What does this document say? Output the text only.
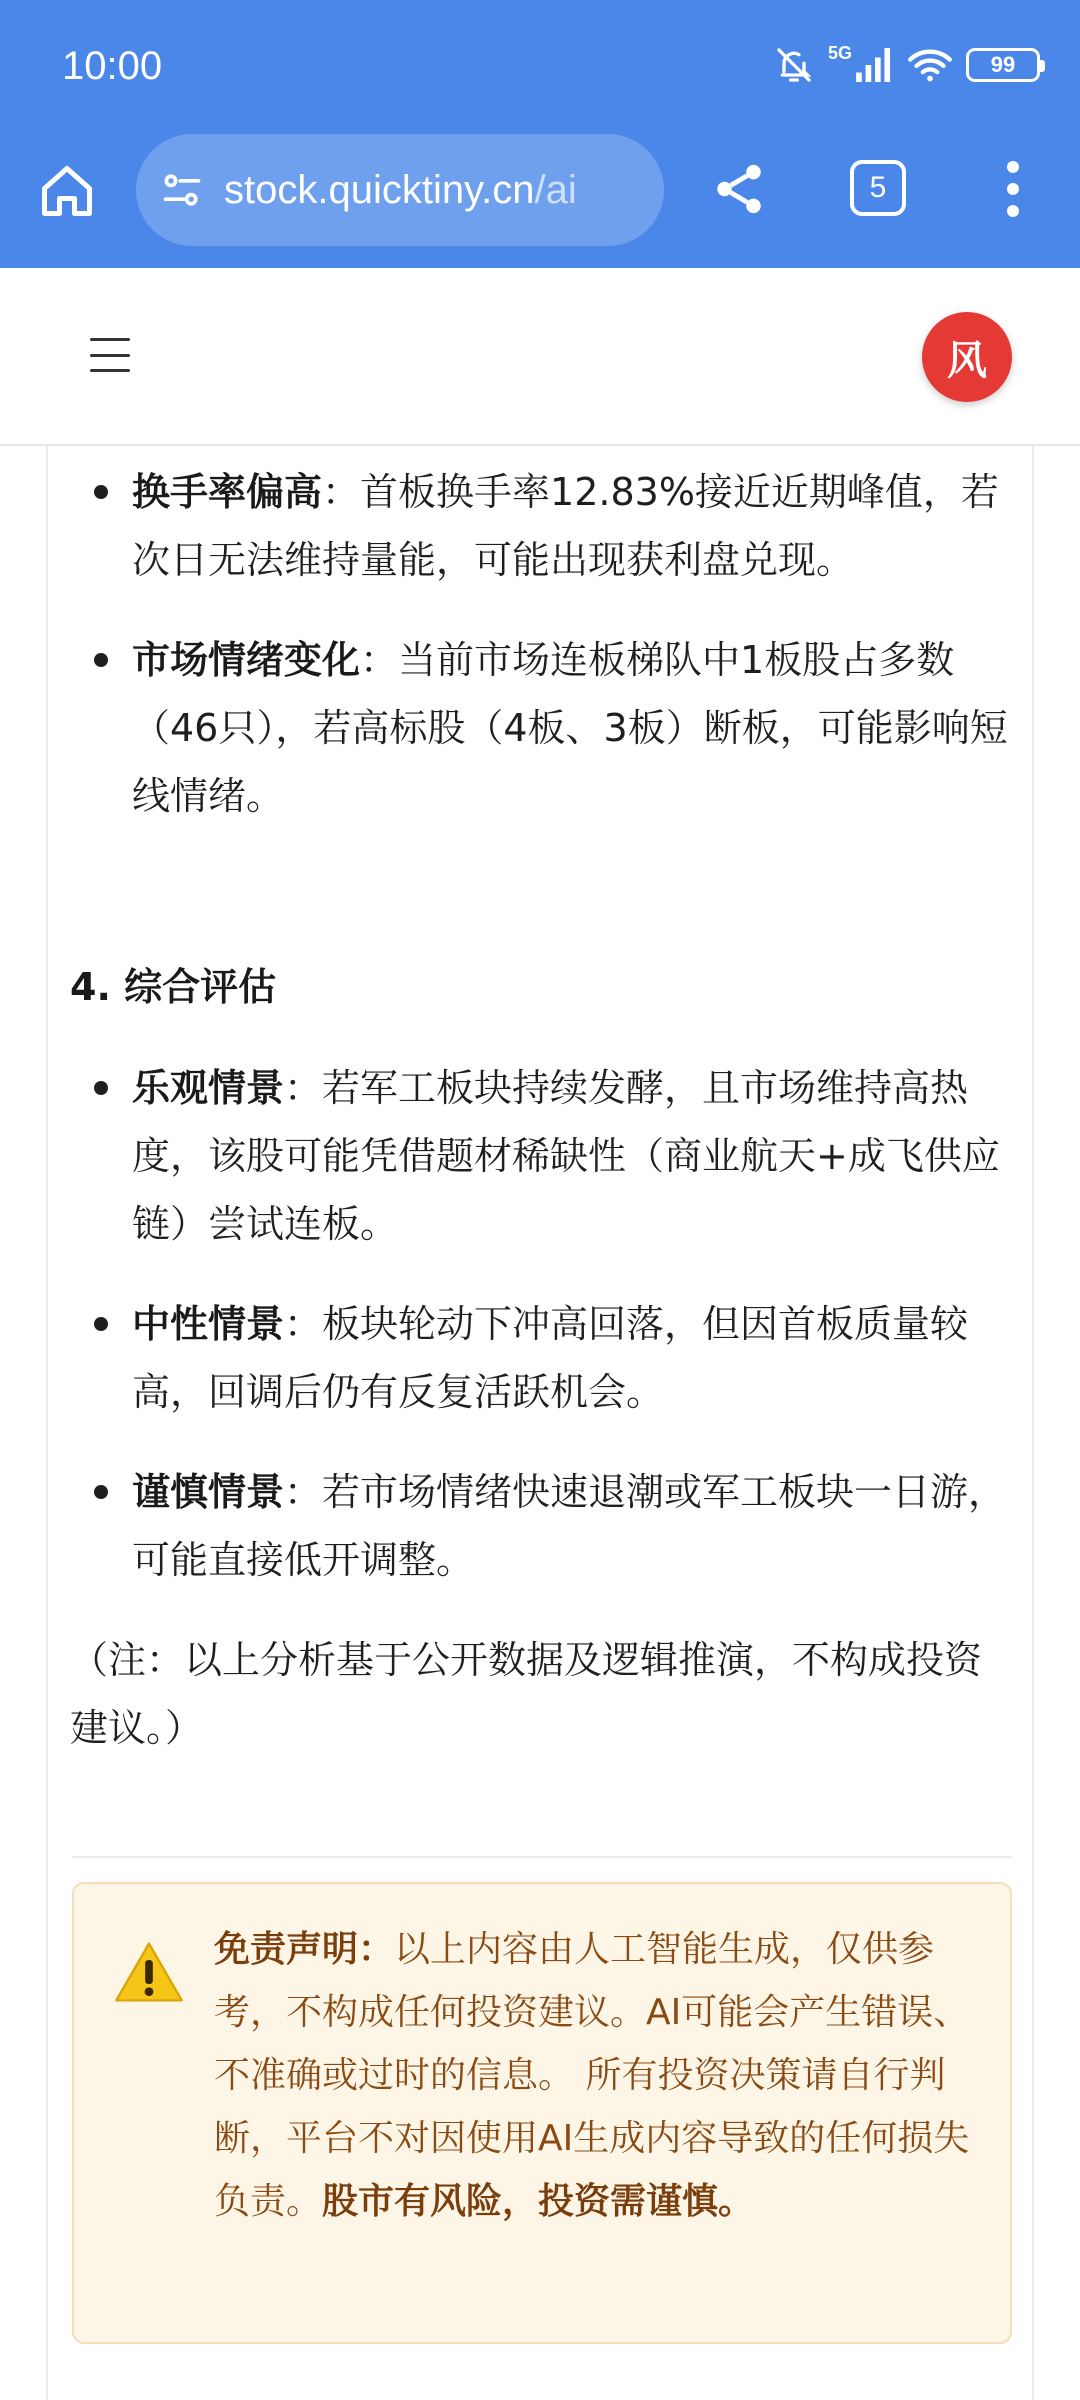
10:00	5G	99
stock.quicktiny.cn/ai	5
风
换手率偏高：首板换手率12.83%接近近期峰值，若次日无法维持量能，可能出现获利盘兑现。
市场情绪变化：当前市场连板梯队中1板股占多数（46只），若高标股（4板、3板）断板，可能影响短线情绪。
4. 综合评估
乐观情景：若军工板块持续发酵，且市场维持高热度，该股可能凭借题材稀缺性（商业航天+成飞供应链）尝试连板。
中性情景：板块轮动下冲高回落，但因首板质量较高，回调后仍有反复活跃机会。
谨慎情景：若市场情绪快速退潮或军工板块一日游，可能直接低开调整。
（注：以上分析基于公开数据及逻辑推演，不构成投资建议。）
免责声明：以上内容由人工智能生成，仅供参考，不构成任何投资建议。AI可能会产生错误、不准确或过时的信息。 所有投资决策请自行判断，平台不对因使用AI生成内容导致的任何损失负责。股市有风险，投资需谨慎。
